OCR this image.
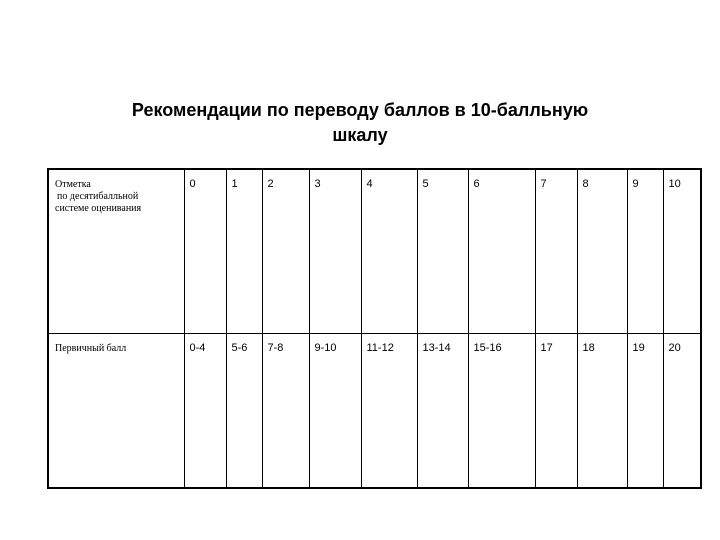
Рекомендации по переводу баллов в 10-балльную
шкалу
Отметка
по десятибалльной
системе оценивания	0	1	2	3	4	5	6	7	8	9	10
Первичный балл	0-4	5-6	7-8	9-10	11-12	13-14	15-16	17	18	19	20
